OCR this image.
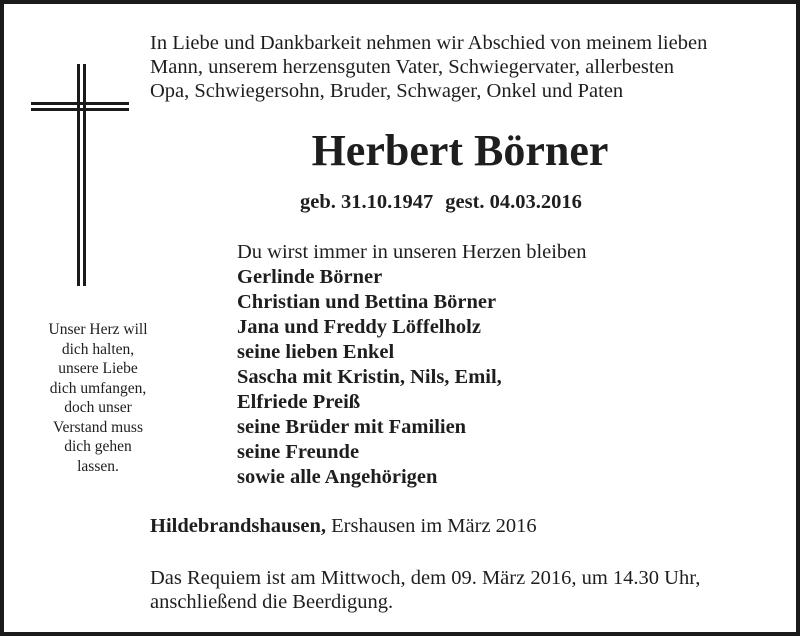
In Liebe und Dankbarkeit nehmen wir Abschied von meinem lieben
Mann, unserem herzensguten Vater, Schwiegervater, allerbesten
Opa, Schwiegersohn, Bruder, Schwager, Onkel und Paten

Herbert Börner
geb. 31.10.1947 gest. 04.03.2016
Unser Herz will
dich halten,
unsere Liebe
dich umfangen,
doch unser
Verstand muss
dich gehen
lassen.
Du wirst immer in unseren Herzen bleiben
Gerlinde Börner
Christian und Bettina Börner
Jana und Freddy Löffelholz
seine lieben Enkel
Sascha mit Kristin, Nils, Emil,
Elfriede Preiß
seine Brüder mit Familien
seine Freunde
sowie alle Angehörigen
Hildebrandshausen, Ershausen im März 2016
Das Requiem ist am Mittwoch, dem 09. März 2016, um 14.30 Uhr,
anschließend die Beerdigung.
